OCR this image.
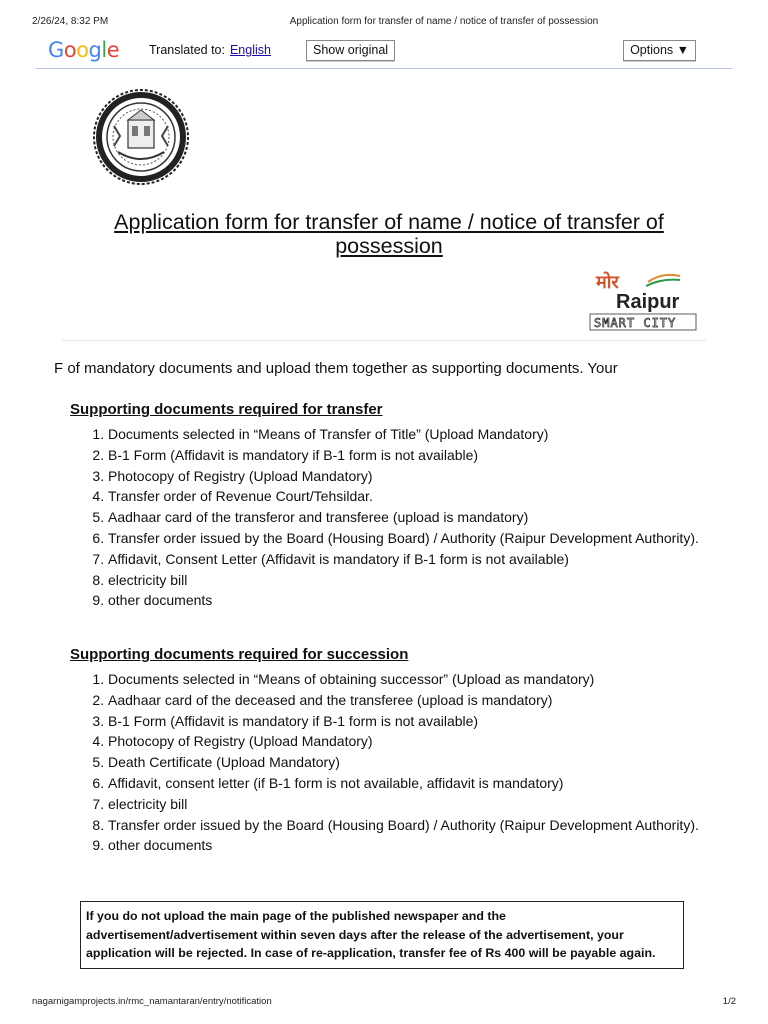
2/26/24, 8:32 PM	Application form for transfer of name / notice of transfer of possession
Google Translated to: English	Show original	Options ▼
Application form for transfer of name / notice of transfer of possession
मोर
Raipur
SMART CITY
F of mandatory documents and upload them together as supporting documents. Your

Supporting documents required for transfer

1. Documents selected in “Means of Transfer of Title” (Upload Mandatory)
2. B-1 Form (Affidavit is mandatory if B-1 form is not available)
3. Photocopy of Registry (Upload Mandatory)
4. Transfer order of Revenue Court/Tehsildar.
5. Aadhaar card of the transferor and transferee (upload is mandatory)
6. Transfer order issued by the Board (Housing Board) / Authority (Raipur Development Authority).
7. Affidavit, Consent Letter (Affidavit is mandatory if B-1 form is not available)
8. electricity bill
9. other documents

Supporting documents required for succession

1. Documents selected in “Means of obtaining successor” (Upload as mandatory)
2. Aadhaar card of the deceased and the transferee (upload is mandatory)
3. B-1 Form (Affidavit is mandatory if B-1 form is not available)
4. Photocopy of Registry (Upload Mandatory)
5. Death Certificate (Upload Mandatory)
6. Affidavit, consent letter (if B-1 form is not available, affidavit is mandatory)
7. electricity bill
8. Transfer order issued by the Board (Housing Board) / Authority (Raipur Development Authority).
9. other documents
If you do not upload the main page of the published newspaper and the advertisement/advertisement within seven days after the release of the advertisement, your application will be rejected. In case of re-application, transfer fee of Rs 400 will be payable again.
nagarnigamprojects.in/rmc_namantaran/entry/notification	1/2
